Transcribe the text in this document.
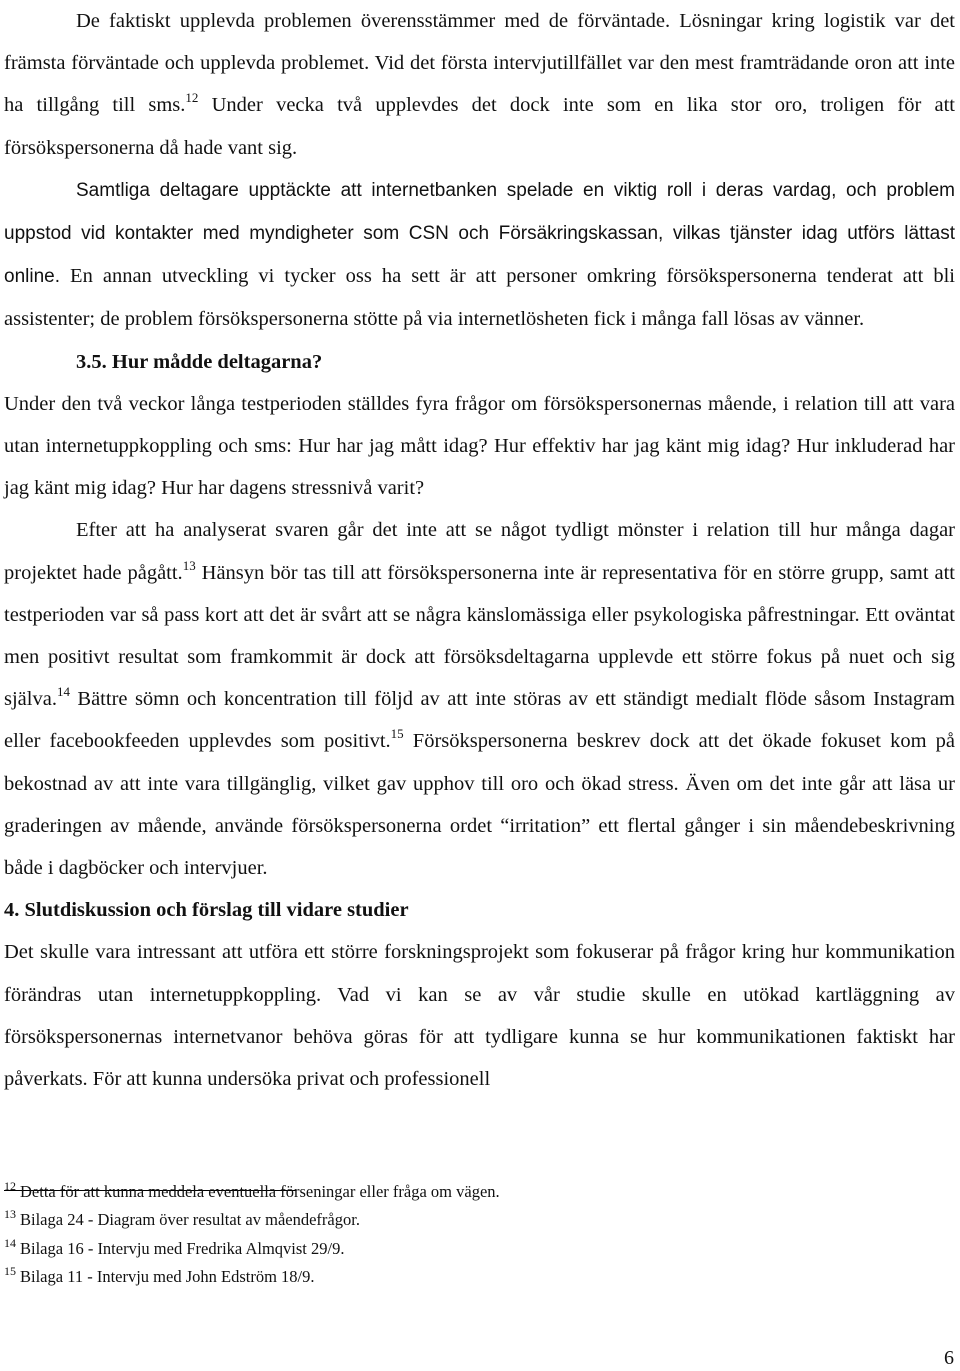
De faktiskt upplevda problemen överensstämmer med de förväntade. Lösningar kring logistik var det främsta förväntade och upplevda problemet. Vid det första intervjutillfället var den mest framträdande oron att inte ha tillgång till sms.$^{12}$ Under vecka två upplevdes det dock inte som en lika stor oro, troligen för att försökspersonerna då hade vant sig.

Samtliga deltagare upptäckte att internetbanken spelade en viktig roll i deras vardag, och problem uppstod vid kontakter med myndigheter som CSN och Försäkringskassan, vilkas tjänster idag utförs lättast online. En annan utveckling vi tycker oss ha sett är att personer omkring försökspersonerna tenderat att bli assistenter; de problem försökspersonerna stötte på via internetlösheten fick i många fall lösas av vänner.

3.5. Hur mådde deltagarna?

Under den två veckor långa testperioden ställdes fyra frågor om försökspersonernas mående, i relation till att vara utan internetuppkoppling och sms: Hur har jag mått idag? Hur effektiv har jag känt mig idag? Hur inkluderad har jag känt mig idag? Hur har dagens stressnivå varit?

Efter att ha analyserat svaren går det inte att se något tydligt mönster i relation till hur många dagar projektet hade pågått.$^{13}$ Hänsyn bör tas till att försökspersonerna inte är representativa för en större grupp, samt att testperioden var så pass kort att det är svårt att se några känslomässiga eller psykologiska påfrestningar. Ett oväntat men positivt resultat som framkommit är dock att försöksdeltagarna upplevde ett större fokus på nuet och sig själva.$^{14}$ Bättre sömn och koncentration till följd av att inte störas av ett ständigt medialt flöde såsom Instagram eller facebookfeeden upplevdes som positivt.$^{15}$ Försökspersonerna beskrev dock att det ökade fokuset kom på bekostnad av att inte vara tillgänglig, vilket gav upphov till oro och ökad stress. Även om det inte går att läsa ur graderingen av mående, använde försökspersonerna ordet “irritation” ett flertal gånger i sin måendebeskrivning både i dagböcker och intervjuer.

4. Slutdiskussion och förslag till vidare studier

Det skulle vara intressant att utföra ett större forskningsprojekt som fokuserar på frågor kring hur kommunikation förändras utan internetuppkoppling. Vad vi kan se av vår studie skulle en utökad kartläggning av försökspersonernas internetvanor behöva göras för att tydligare kunna se hur kommunikationen faktiskt har påverkats. För att kunna undersöka privat och professionell

$^{12}$ Detta för att kunna meddela eventuella förseningar eller fråga om vägen.

$^{13}$ Bilaga 24 - Diagram över resultat av måendefrågor.

$^{14}$ Bilaga 16 - Intervju med Fredrika Almqvist 29/9.

$^{15}$ Bilaga 11 - Intervju med John Edström 18/9.

6
